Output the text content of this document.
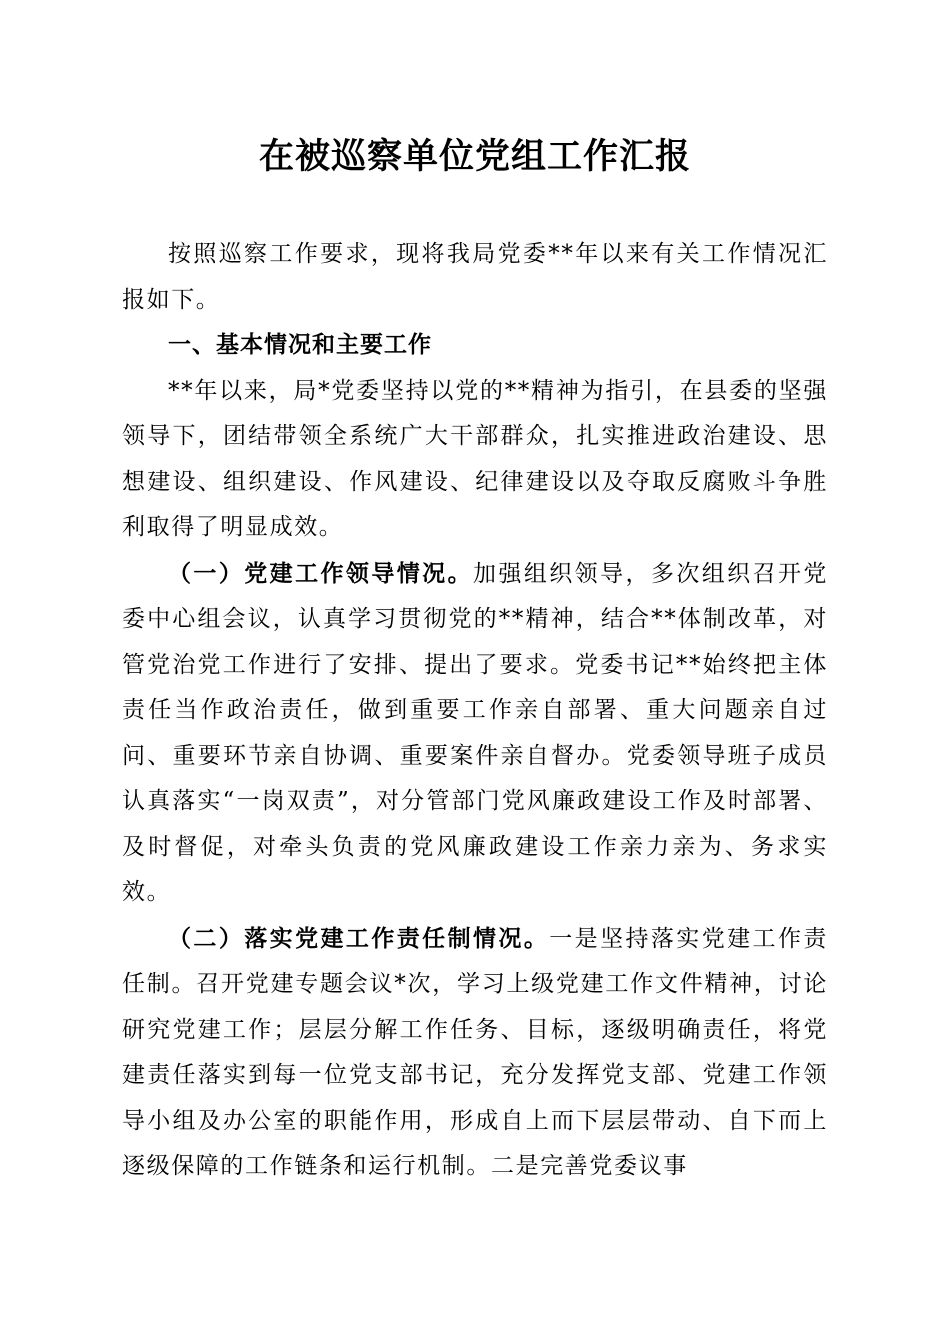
在被巡察单位党组工作汇报

按照巡察工作要求，现将我局党委**年以来有关工作情况汇报如下。

一、基本情况和主要工作

**年以来，局*党委坚持以党的**精神为指引，在县委的坚强领导下，团结带领全系统广大干部群众，扎实推进政治建设、思想建设、组织建设、作风建设、纪律建设以及夺取反腐败斗争胜利取得了明显成效。

（一）党建工作领导情况。加强组织领导，多次组织召开党委中心组会议，认真学习贯彻党的**精神，结合**体制改革，对管党治党工作进行了安排、提出了要求。党委书记**始终把主体责任当作政治责任，做到重要工作亲自部署、重大问题亲自过问、重要环节亲自协调、重要案件亲自督办。党委领导班子成员认真落实“一岗双责”，对分管部门党风廉政建设工作及时部署、及时督促，对牵头负责的党风廉政建设工作亲力亲为、务求实效。

（二）落实党建工作责任制情况。一是坚持落实党建工作责任制。召开党建专题会议*次，学习上级党建工作文件精神，讨论研究党建工作；层层分解工作任务、目标，逐级明确责任，将党建责任落实到每一位党支部书记，充分发挥党支部、党建工作领导小组及办公室的职能作用，形成自上而下层层带动、自下而上逐级保障的工作链条和运行机制。二是完善党委议事
